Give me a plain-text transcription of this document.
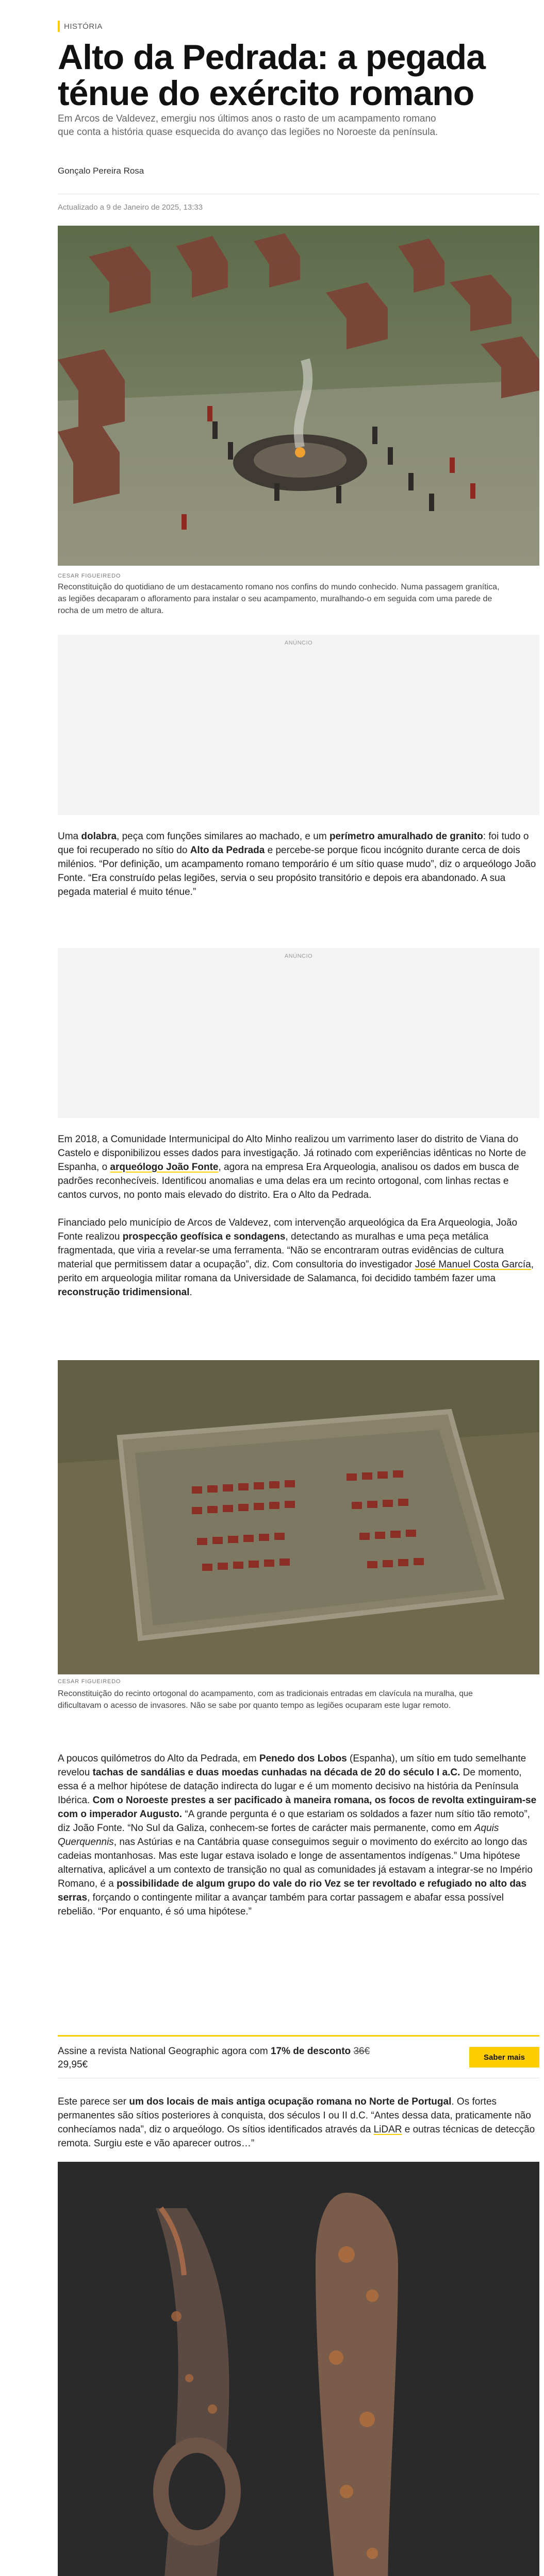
HISTÓRIA
Alto da Pedrada: a pegada ténue do exército romano

Em Arcos de Valdevez, emergiu nos últimos anos o rasto de um acampamento romano que conta a história quase esquecida do avanço das legiões no Noroeste da península.

Gonçalo Pereira Rosa
Actualizado a 9 de Janeiro de 2025, 13:33
CESAR FIGUEIREDO

Reconstituição do quotidiano de um destacamento romano nos confins do mundo conhecido. Numa passagem granítica, as legiões decaparam o afloramento para instalar o seu acampamento, muralhando-o em seguida com uma parede de rocha de um metro de altura.

ANÚNCIO

Uma dolabra, peça com funções similares ao machado, e um perímetro amuralhado de granito: foi tudo o que foi recuperado no sítio do Alto da Pedrada e percebe-se porque ficou incógnito durante cerca de dois milénios. “Por definição, um acampamento romano temporário é um sítio quase mudo”, diz o arqueólogo João Fonte. “Era construído pelas legiões, servia o seu propósito transitório e depois era abandonado. A sua pegada material é muito ténue.”

ANÚNCIO

Em 2018, a Comunidade Intermunicipal do Alto Minho realizou um varrimento laser do distrito de Viana do Castelo e disponibilizou esses dados para investigação. Já rotinado com experiências idênticas no Norte de Espanha, o arqueólogo João Fonte, agora na empresa Era Arqueologia, analisou os dados em busca de padrões reconhecíveis. Identificou anomalias e uma delas era um recinto ortogonal, com linhas rectas e cantos curvos, no ponto mais elevado do distrito. Era o Alto da Pedrada.

Financiado pelo município de Arcos de Valdevez, com intervenção arqueológica da Era Arqueologia, João Fonte realizou prospecção geofísica e sondagens, detectando as muralhas e uma peça metálica fragmentada, que viria a revelar-se uma ferramenta. “Não se encontraram outras evidências de cultura material que permitissem datar a ocupação”, diz. Com consultoria do investigador José Manuel Costa García, perito em arqueologia militar romana da Universidade de Salamanca, foi decidido também fazer uma reconstrução tridimensional.

CESAR FIGUEIREDO

Reconstituição do recinto ortogonal do acampamento, com as tradicionais entradas em clavícula na muralha, que dificultavam o acesso de invasores. Não se sabe por quanto tempo as legiões ocuparam este lugar remoto.

A poucos quilómetros do Alto da Pedrada, em Penedo dos Lobos (Espanha), um sítio em tudo semelhante revelou tachas de sandálias e duas moedas cunhadas na década de 20 do século I a.C. De momento, essa é a melhor hipótese de datação indirecta do lugar e é um momento decisivo na história da Península Ibérica. Com o Noroeste prestes a ser pacificado à maneira romana, os focos de revolta extinguiram-se com o imperador Augusto. “A grande pergunta é o que estariam os soldados a fazer num sítio tão remoto”, diz João Fonte. “No Sul da Galiza, conhecem-se fortes de carácter mais permanente, como em Aquis Querquennis, nas Astúrias e na Cantábria quase conseguimos seguir o movimento do exército ao longo das cadeias montanhosas. Mas este lugar estava isolado e longe de assentamentos indígenas.” Uma hipótese alternativa, aplicável a um contexto de transição no qual as comunidades já estavam a integrar-se no Império Romano, é a possibilidade de algum grupo do vale do rio Vez se ter revoltado e refugiado no alto das serras, forçando o contingente militar a avançar também para cortar passagem e abafar essa possível rebelião. “Por enquanto, é só uma hipótese.”

Assine a revista National Geographic agora com 17% de desconto 36€
29,95€
Saber mais

Este parece ser um dos locais de mais antiga ocupação romana no Norte de Portugal. Os fortes permanentes são sítios posteriores à conquista, dos séculos I ou II d.C. “Antes dessa data, praticamente não conhecíamos nada”, diz o arqueólogo. Os sítios identificados através da LiDAR e outras técnicas de detecção remota. Surgiu este e vão aparecer outros…”
